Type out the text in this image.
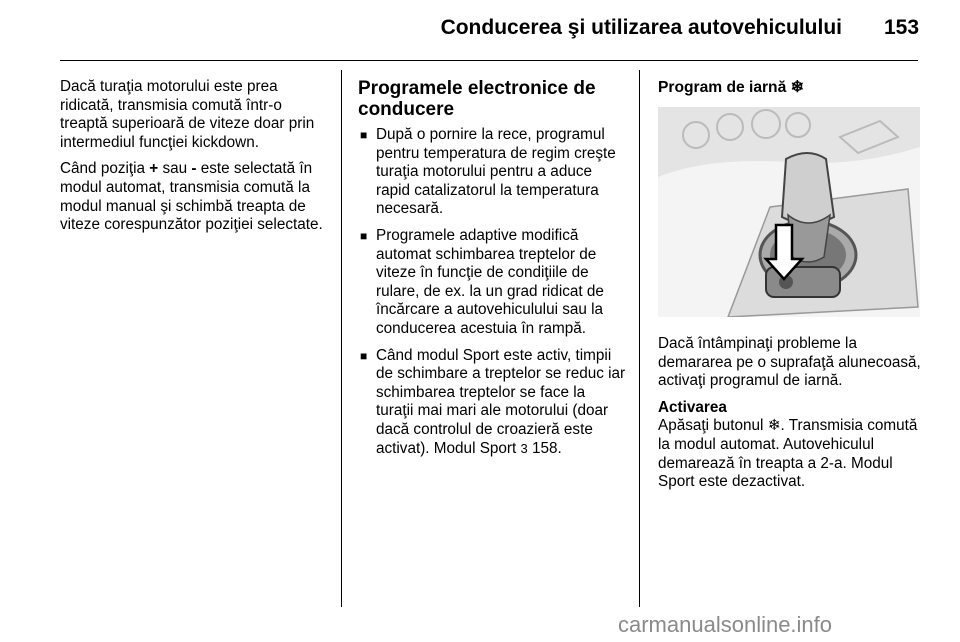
Conducerea şi utilizarea autovehiculului 153

Dacă turaţia motorului este prea ridicată, transmisia comută într-o treaptă superioară de viteze doar prin intermediul funcţiei kickdown.

Când poziţia + sau - este selectată în modul automat, transmisia comută la modul manual şi schimbă treapta de viteze corespunzător poziţiei selectate.

Programele electronice de conducere
■ După o pornire la rece, programul pentru temperatura de regim creşte turaţia motorului pentru a aduce rapid catalizatorul la temperatura necesară.
■ Programele adaptive modifică automat schimbarea treptelor de viteze în funcţie de condiţiile de rulare, de ex. la un grad ridicat de încărcare a autovehiculului sau la conducerea acestuia în rampă.
■ Când modul Sport este activ, timpii de schimbare a treptelor se reduc iar schimbarea treptelor se face la turaţii mai mari ale motorului (doar dacă controlul de croazieră este activat). Modul Sport 3 158.
Program de iarnă ❄

Dacă întâmpinaţi probleme la demararea pe o suprafaţă alunecoasă, activaţi programul de iarnă.

Activarea

Apăsaţi butonul ❄. Transmisia comută la modul automat. Autovehiculul demarează în treapta a 2-a. Modul Sport este dezactivat.

carmanualsonline.info
